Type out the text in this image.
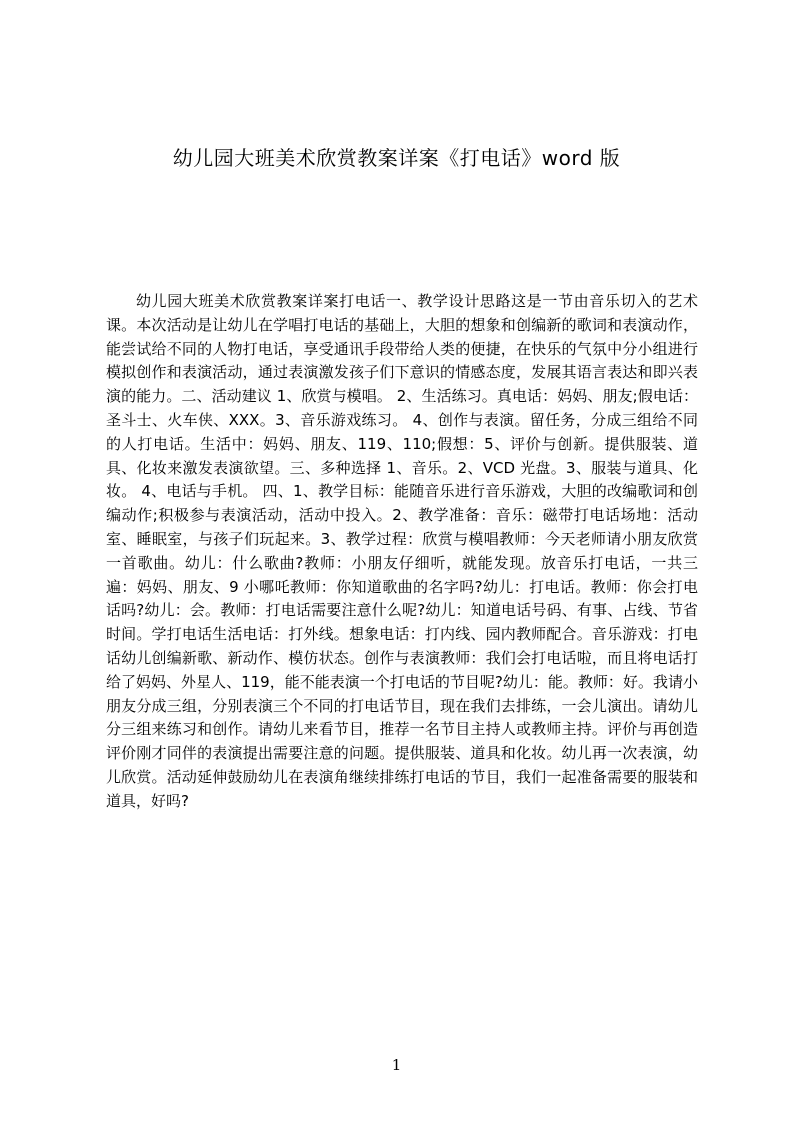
幼儿园大班美术欣赏教案详案《打电话》word 版

幼儿园大班美术欣赏教案详案打电话一、教学设计思路这是一节由音乐切入的艺术课。本次活动是让幼儿在学唱打电话的基础上，大胆的想象和创编新的歌词和表演动作，能尝试给不同的人物打电话，享受通讯手段带给人类的便捷，在快乐的气氛中分小组进行模拟创作和表演活动，通过表演激发孩子们下意识的情感态度，发展其语言表达和即兴表演的能力。二、活动建议 1、欣赏与模唱。 2、生活练习。真电话：妈妈、朋友;假电话：圣斗士、火车侠、XXX。3、音乐游戏练习。 4、创作与表演。留任务，分成三组给不同的人打电话。生活中：妈妈、朋友、119、110;假想：5、评价与创新。提供服装、道具、化妆来激发表演欲望。三、多种选择 1、音乐。2、VCD 光盘。3、服装与道具、化妆。 4、电话与手机。 四、1、教学目标：能随音乐进行音乐游戏，大胆的改编歌词和创编动作;积极参与表演活动，活动中投入。2、教学准备：音乐：磁带打电话场地：活动室、睡眠室，与孩子们玩起来。3、教学过程：欣赏与模唱教师：今天老师请小朋友欣赏一首歌曲。幼儿：什么歌曲?教师：小朋友仔细听，就能发现。放音乐打电话，一共三遍：妈妈、朋友、9 小哪吒教师：你知道歌曲的名字吗?幼儿：打电话。教师：你会打电话吗?幼儿：会。教师：打电话需要注意什么呢?幼儿：知道电话号码、有事、占线、节省时间。学打电话生活电话：打外线。想象电话：打内线、园内教师配合。音乐游戏：打电话幼儿创编新歌、新动作、模仿状态。创作与表演教师：我们会打电话啦，而且将电话打给了妈妈、外星人、119，能不能表演一个打电话的节目呢?幼儿：能。教师：好。我请小朋友分成三组，分别表演三个不同的打电话节目，现在我们去排练，一会儿演出。请幼儿分三组来练习和创作。请幼儿来看节目，推荐一名节目主持人或教师主持。评价与再创造评价刚才同伴的表演提出需要注意的问题。提供服装、道具和化妆。幼儿再一次表演，幼儿欣赏。活动延伸鼓励幼儿在表演角继续排练打电话的节目，我们一起准备需要的服装和道具，好吗?

1
